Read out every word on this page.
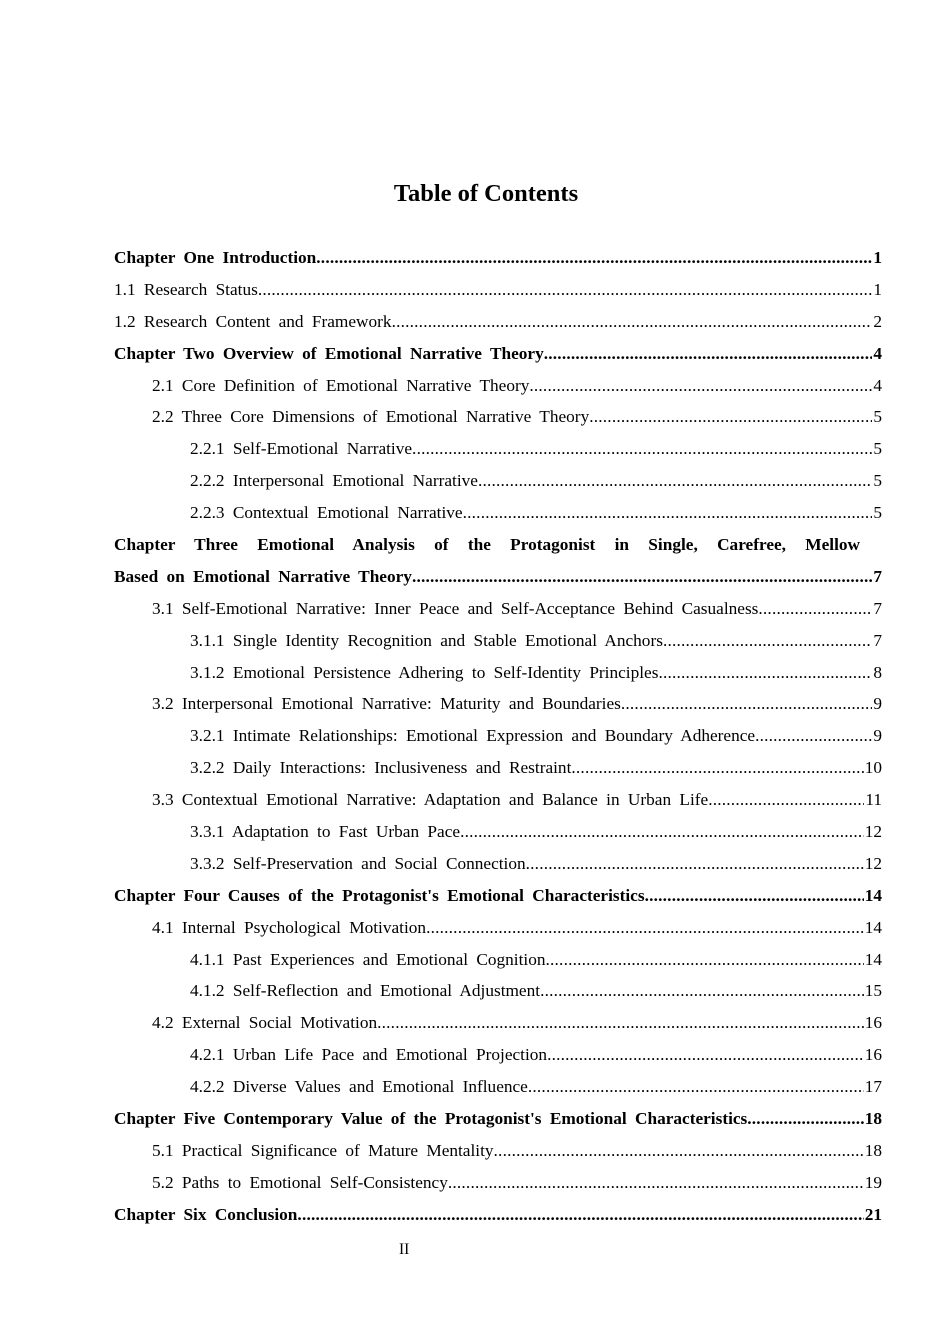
Table of Contents
Chapter One Introduction .....	1
1.1 Research Status .....	1
1.2 Research Content and Framework .....	2
Chapter Two Overview of Emotional Narrative Theory .....	4
2.1 Core Definition of Emotional Narrative Theory .....	4
2.2 Three Core Dimensions of Emotional Narrative Theory .....	5
2.2.1 Self-Emotional Narrative .....	5
2.2.2 Interpersonal Emotional Narrative .....	5
2.2.3 Contextual Emotional Narrative .....	5
Chapter Three Emotional Analysis of the Protagonist in Single, Carefree, Mellow
Based on Emotional Narrative Theory .....	7
3.1 Self-Emotional Narrative: Inner Peace and Self-Acceptance Behind Casualness .....	7
3.1.1 Single Identity Recognition and Stable Emotional Anchors .....	7
3.1.2 Emotional Persistence Adhering to Self-Identity Principles .....	8
3.2 Interpersonal Emotional Narrative: Maturity and Boundaries .....	9
3.2.1 Intimate Relationships: Emotional Expression and Boundary Adherence .....	9
3.2.2 Daily Interactions: Inclusiveness and Restraint .....	10
3.3 Contextual Emotional Narrative: Adaptation and Balance in Urban Life .....	11
3.3.1 Adaptation to Fast Urban Pace .....	12
3.3.2 Self-Preservation and Social Connection .....	12
Chapter Four Causes of the Protagonist's Emotional Characteristics .....	14
4.1 Internal Psychological Motivation .....	14
4.1.1 Past Experiences and Emotional Cognition .....	14
4.1.2 Self-Reflection and Emotional Adjustment .....	15
4.2 External Social Motivation .....	16
4.2.1 Urban Life Pace and Emotional Projection .....	16
4.2.2 Diverse Values and Emotional Influence .....	17
Chapter Five Contemporary Value of the Protagonist's Emotional Characteristics .....	18
5.1 Practical Significance of Mature Mentality .....	18
5.2 Paths to Emotional Self-Consistency .....	19
Chapter Six Conclusion .....	21

II
